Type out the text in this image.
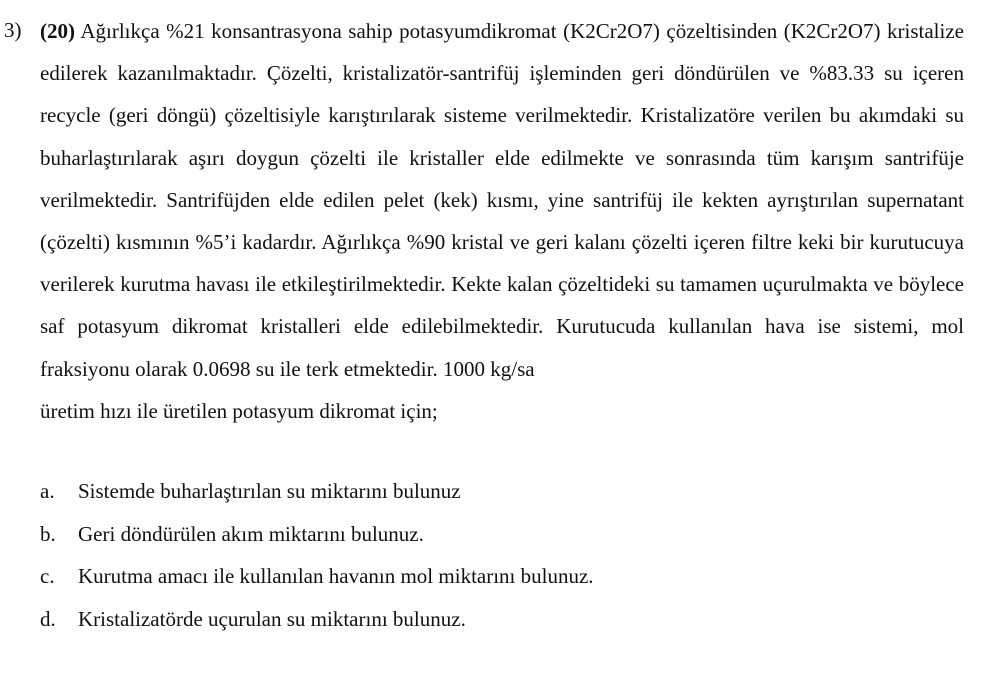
3) (20) Ağırlıkça %21 konsantrasyona sahip potasyumdikromat (K2Cr2O7) çözeltisinden (K2Cr2O7) kristalize edilerek kazanılmaktadır. Çözelti, kristalizatör-santrifüj işleminden geri döndürülen ve %83.33 su içeren recycle (geri döngü) çözeltisiyle karıştırılarak sisteme verilmektedir. Kristalizatöre verilen bu akımdaki su buharlaştırılarak aşırı doygun çözelti ile kristaller elde edilmekte ve sonrasında tüm karışım santrifüje verilmektedir. Santrifüjden elde edilen pelet (kek) kısmı, yine santrifüj ile kekten ayrıştırılan supernatant (çözelti) kısmının %5’i kadardır. Ağırlıkça %90 kristal ve geri kalanı çözelti içeren filtre keki bir kurutucuya verilerek kurutma havası ile etkileştirilmektedir. Kekte kalan çözeltideki su tamamen uçurulmakta ve böylece saf potasyum dikromat kristalleri elde edilebilmektedir. Kurutucuda kullanılan hava ise sistemi, mol fraksiyonu olarak 0.0698 su ile terk etmektedir. 1000 kg/sa
üretim hızı ile üretilen potasyum dikromat için;

a. Sistemde buharlaştırılan su miktarını bulunuz
b. Geri döndürülen akım miktarını bulunuz.
c. Kurutma amacı ile kullanılan havanın mol miktarını bulunuz.
d. Kristalizatörde uçurulan su miktarını bulunuz.
